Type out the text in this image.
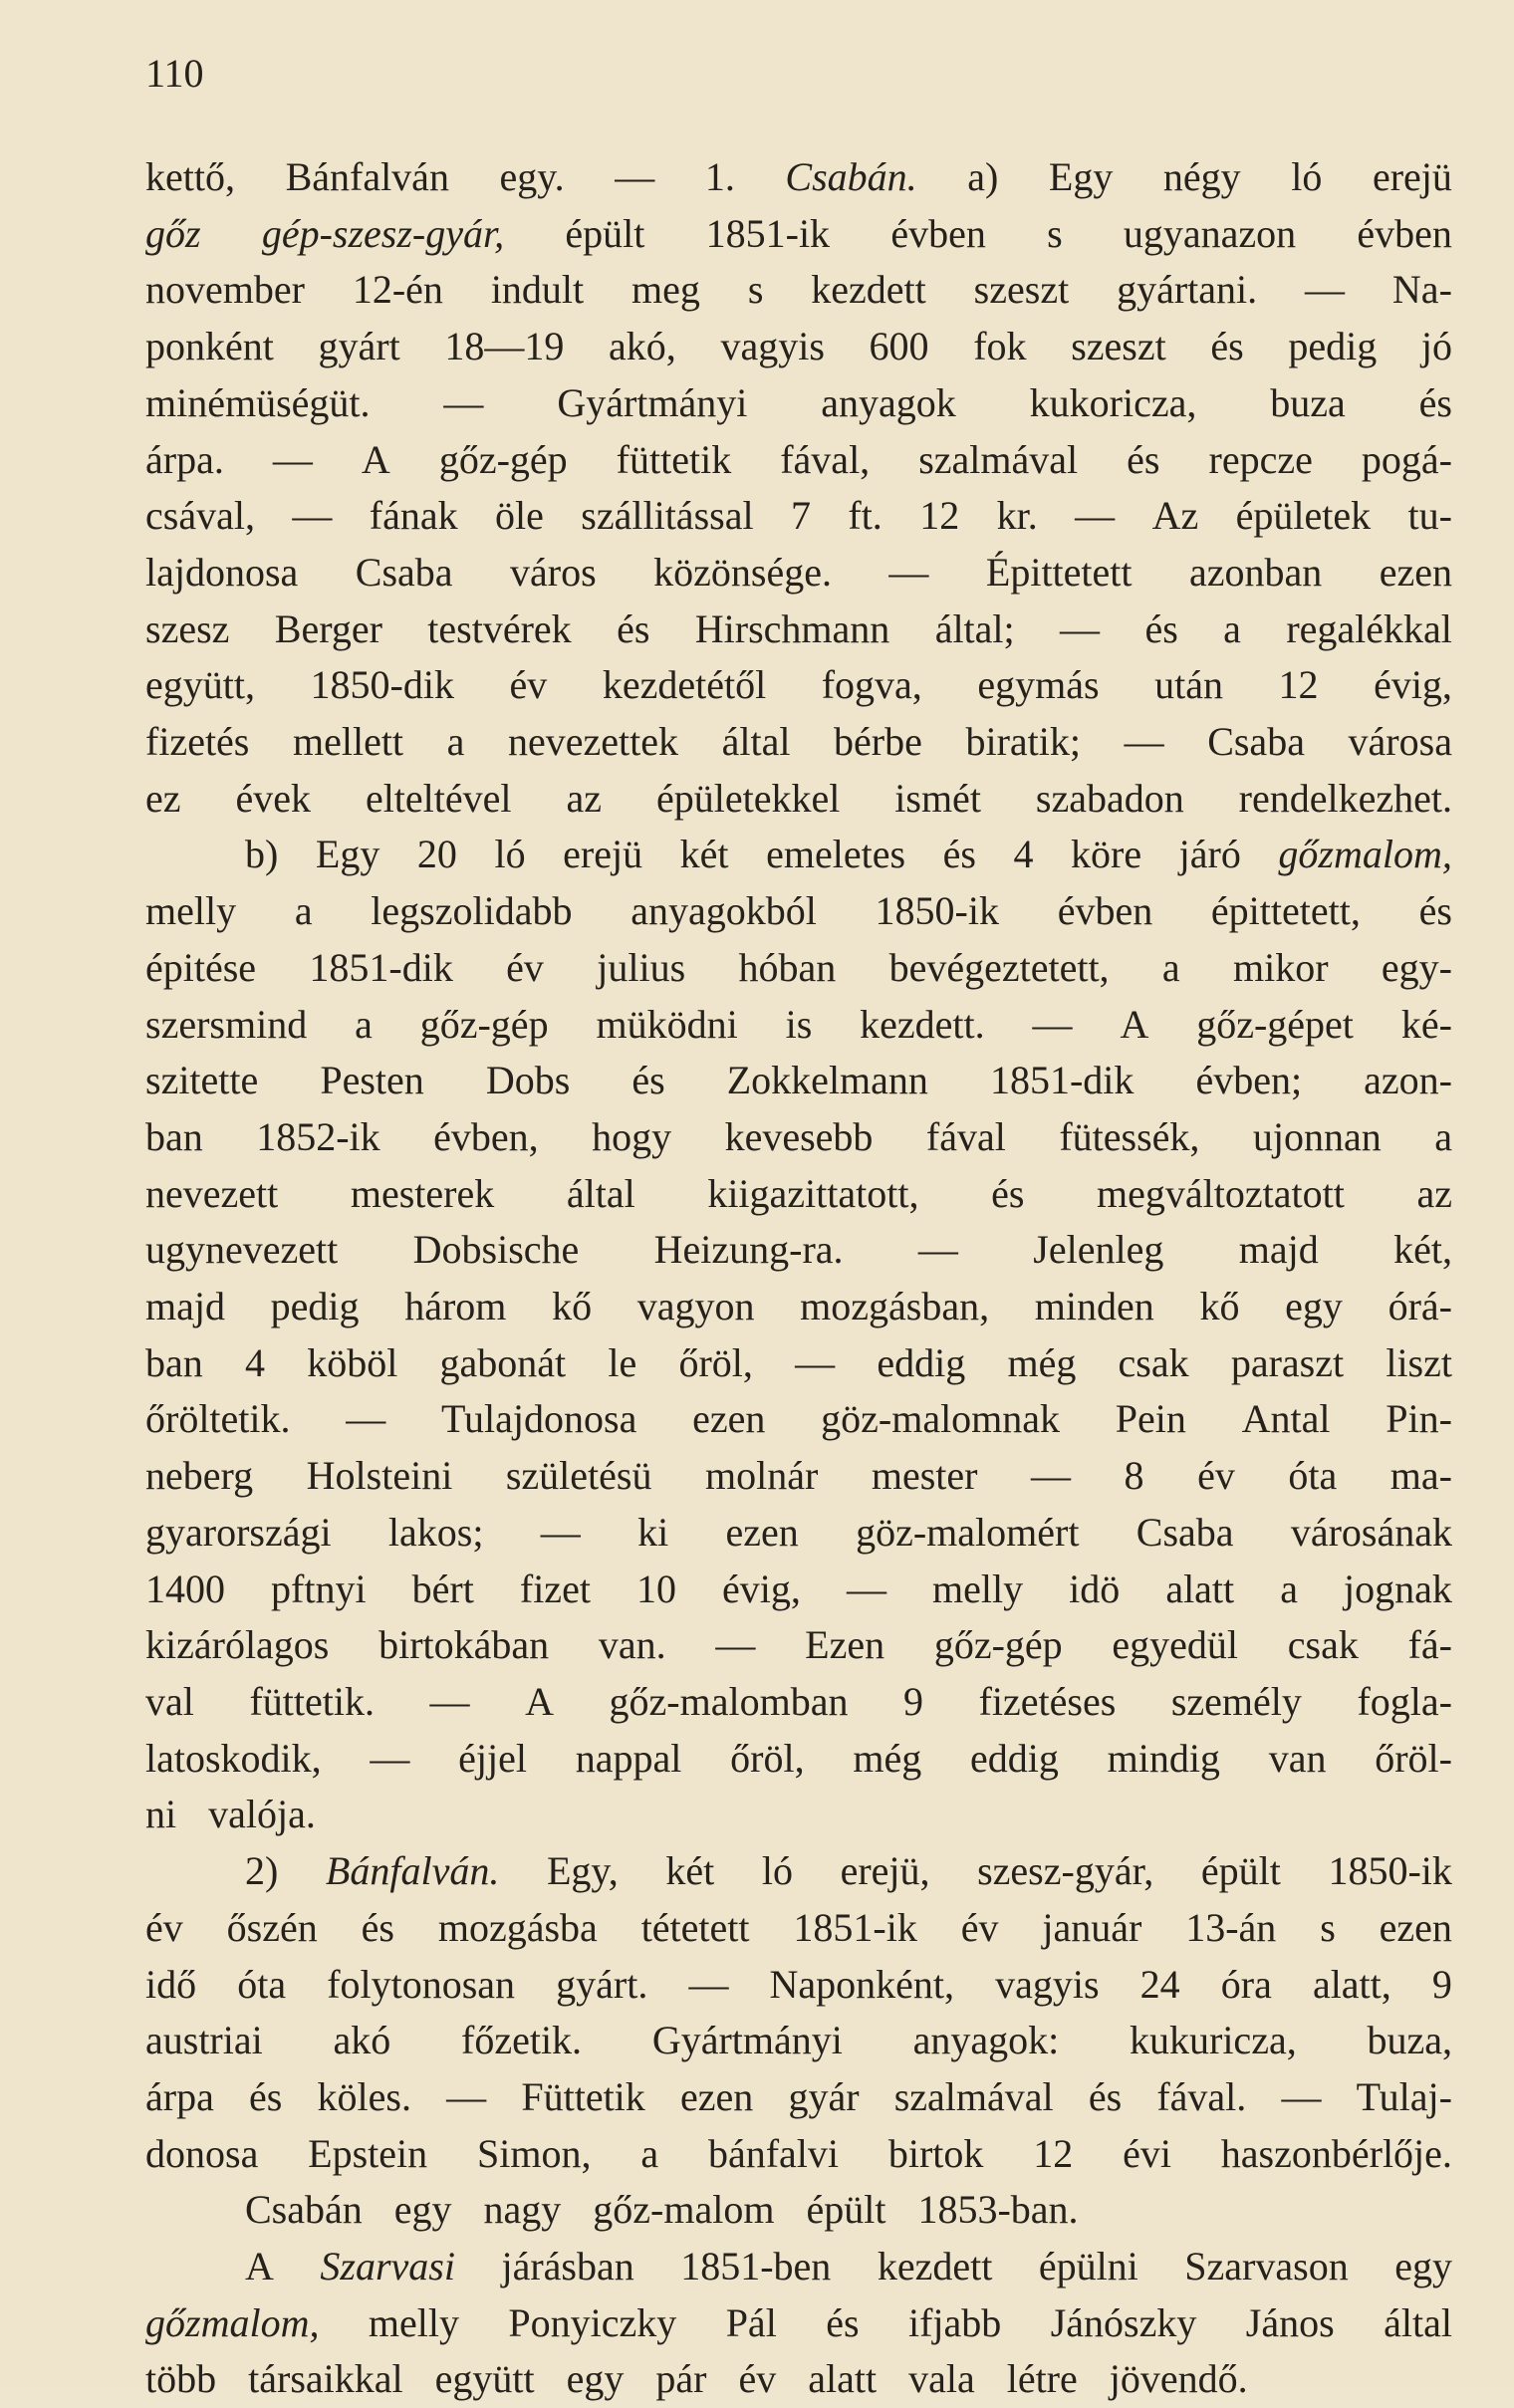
110
kettő, Bánfalván egy. — 1. Csabán. a) Egy négy ló erejü
gőz gép-szesz-gyár, épült 1851-ik évben s ugyanazon évben
november 12-én indult meg s kezdett szeszt gyártani. — Na-
ponként gyárt 18—19 akó, vagyis 600 fok szeszt és pedig jó
minémüségüt. — Gyártmányi anyagok kukoricza, buza és
árpa. — A gőz-gép füttetik fával, szalmával és repcze pogá-
csával, — fának öle szállitással 7 ft. 12 kr. — Az épületek tu-
lajdonosa Csaba város közönsége. — Épittetett azonban ezen
szesz Berger testvérek és Hirschmann által; — és a regalékkal
együtt, 1850-dik év kezdetétől fogva, egymás után 12 évig,
fizetés mellett a nevezettek által bérbe biratik; — Csaba városa
ez évek elteltével az épületekkel ismét szabadon rendelkezhet.
b) Egy 20 ló erejü két emeletes és 4 köre járó gőzmalom,
melly a legszolidabb anyagokból 1850-ik évben épittetett, és
épitése 1851-dik év julius hóban bevégeztetett, a mikor egy-
szersmind a gőz-gép müködni is kezdett. — A gőz-gépet ké-
szitette Pesten Dobs és Zokkelmann 1851-dik évben; azon-
ban 1852-ik évben, hogy kevesebb fával fütessék, ujonnan a
nevezett mesterek által kiigazittatott, és megváltoztatott az
ugynevezett Dobsische Heizung-ra. — Jelenleg majd két,
majd pedig három kő vagyon mozgásban, minden kő egy órá-
ban 4 köböl gabonát le őröl, — eddig még csak paraszt liszt
őröltetik. — Tulajdonosa ezen göz-malomnak Pein Antal Pin-
neberg Holsteini születésü molnár mester — 8 év óta ma-
gyarországi lakos; — ki ezen göz-malomért Csaba városának
1400 pftnyi bért fizet 10 évig, — melly idö alatt a jognak
kizárólagos birtokában van. — Ezen gőz-gép egyedül csak fá-
val füttetik. — A gőz-malomban 9 fizetéses személy fogla-
latoskodik, — éjjel nappal őröl, még eddig mindig van őröl-
ni valója.
2) Bánfalván. Egy, két ló erejü, szesz-gyár, épült 1850-ik
év őszén és mozgásba tétetett 1851-ik év január 13-án s ezen
idő óta folytonosan gyárt. — Naponként, vagyis 24 óra alatt, 9
austriai akó főzetik. Gyártmányi anyagok: kukuricza, buza,
árpa és köles. — Füttetik ezen gyár szalmával és fával. — Tulaj-
donosa Epstein Simon, a bánfalvi birtok 12 évi haszonbérlője.
Csabán egy nagy gőz-malom épült 1853-ban.
A Szarvasi járásban 1851-ben kezdett épülni Szarvason egy
gőzmalom, melly Ponyiczky Pál és ifjabb Jánószky János által
több társaikkal együtt egy pár év alatt vala létre jövendő.
